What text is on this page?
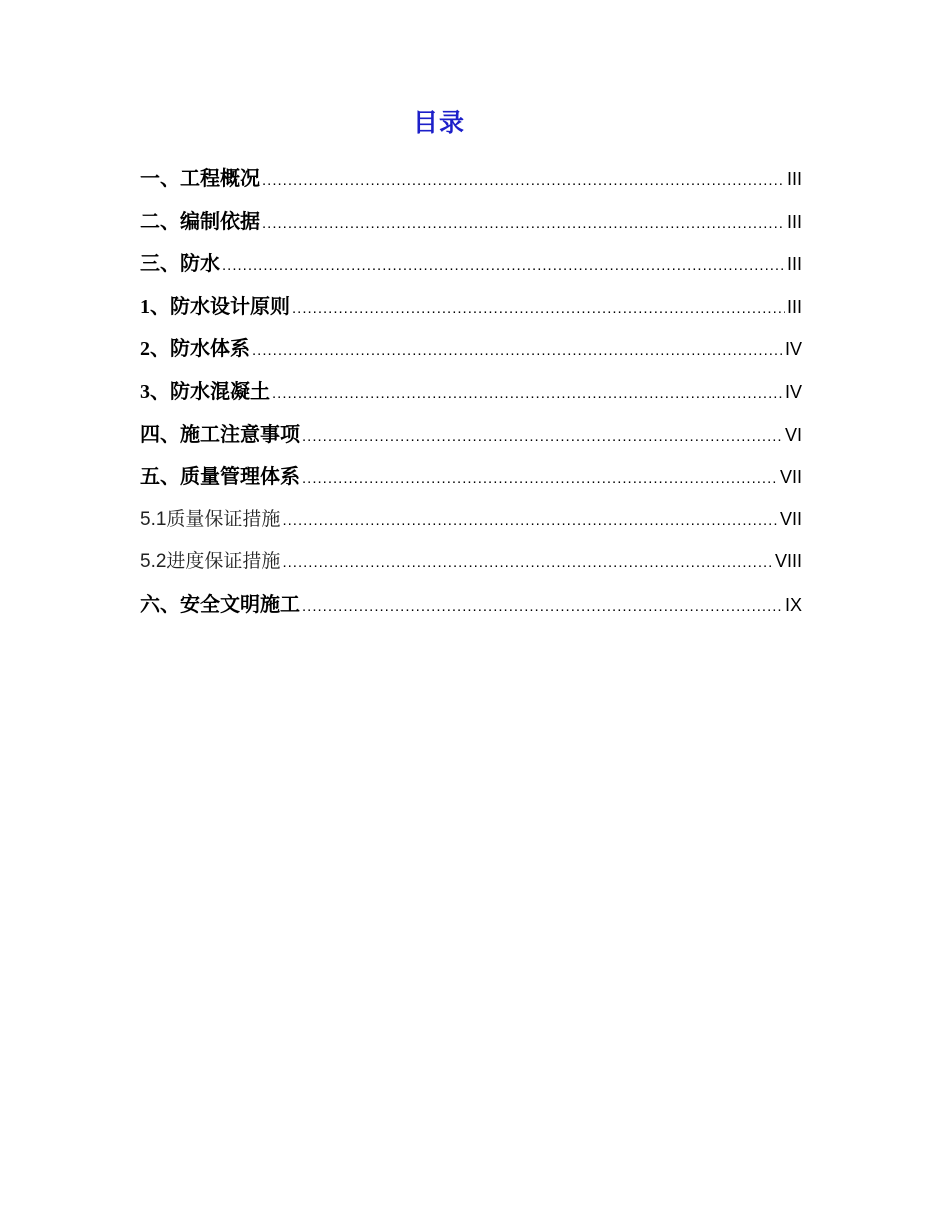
目录
一、工程概况 .....	III
二、编制依据 .....	III
三、防水 .....	III
1、防水设计原则 .....	III
2、防水体系 .....	IV
3、防水混凝土 .....	IV
四、施工注意事项 .....	VI
五、质量管理体系 .....	VII
5.1质量保证措施 .....	VII
5.2进度保证措施 .....	VIII
六、安全文明施工 .....	IX
